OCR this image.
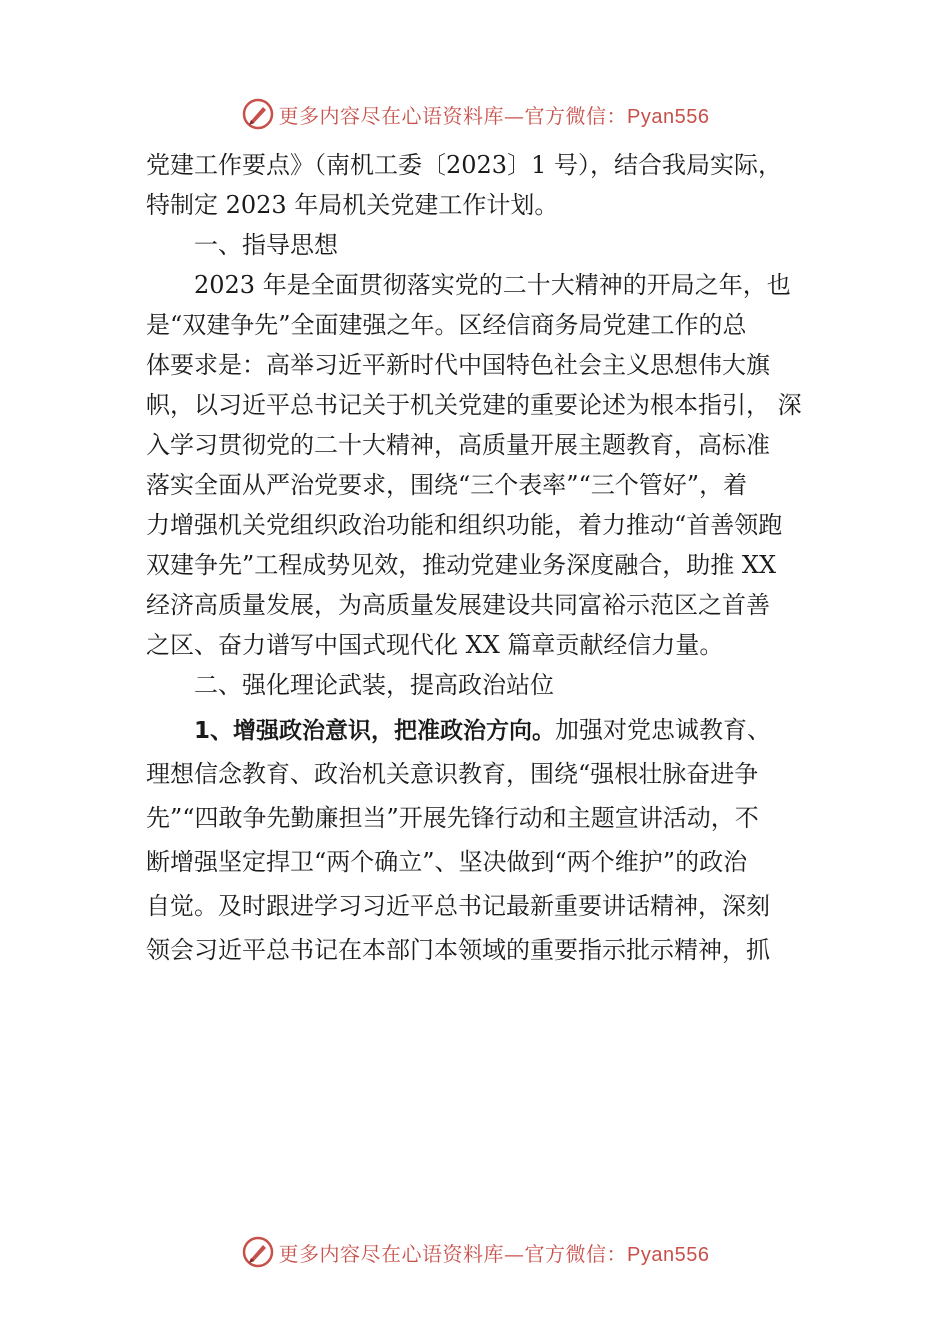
更多内容尽在心语资料库—官方微信：Pyan556
党建工作要点》（南机工委〔2023〕1 号），结合我局实际，
特制定 2023 年局机关党建工作计划。
一、指导思想
2023 年是全面贯彻落实党的二十大精神的开局之年，也
是“双建争先”全面建强之年。区经信商务局党建工作的总
体要求是：高举习近平新时代中国特色社会主义思想伟大旗
帜，以习近平总书记关于机关党建的重要论述为根本指引， 深
入学习贯彻党的二十大精神，高质量开展主题教育，高标准
落实全面从严治党要求，围绕“三个表率”“三个管好”，着
力增强机关党组织政治功能和组织功能，着力推动“首善领跑
双建争先”工程成势见效，推动党建业务深度融合，助推 XX
经济高质量发展，为高质量发展建设共同富裕示范区之首善
之区、奋力谱写中国式现代化 XX 篇章贡献经信力量。
二、强化理论武装，提高政治站位
1、增强政治意识，把准政治方向。加强对党忠诚教育、
理想信念教育、政治机关意识教育，围绕“强根壮脉奋进争
先”“四敢争先勤廉担当”开展先锋行动和主题宣讲活动，不
断增强坚定捍卫“两个确立”、坚决做到“两个维护”的政治
自觉。及时跟进学习习近平总书记最新重要讲话精神，深刻
领会习近平总书记在本部门本领域的重要指示批示精神，抓
更多内容尽在心语资料库—官方微信：Pyan556
